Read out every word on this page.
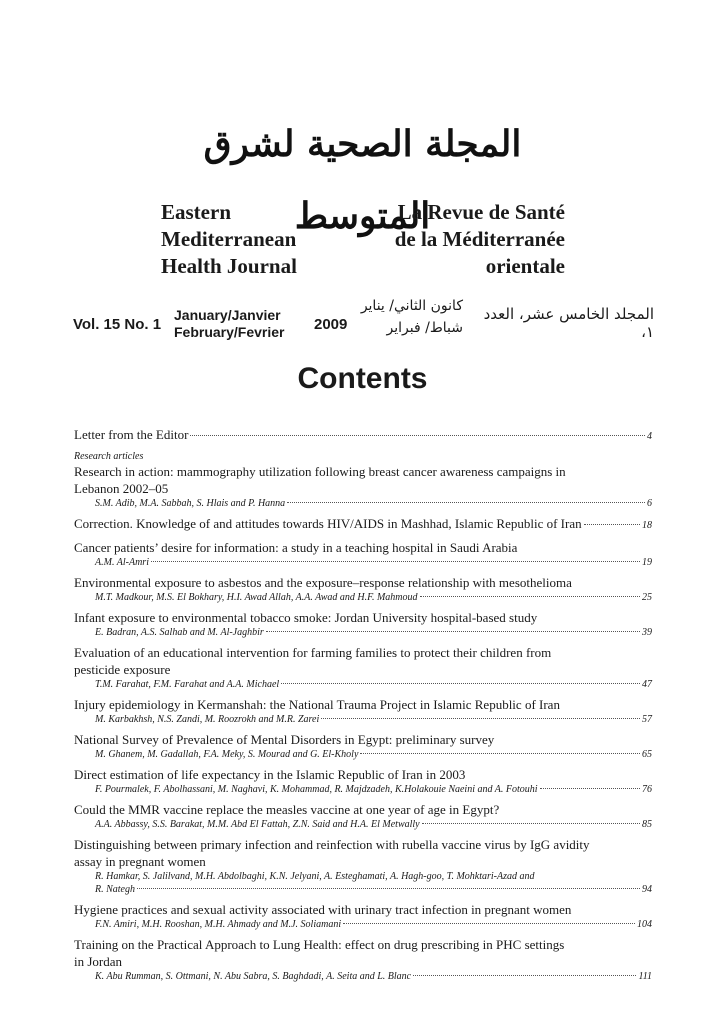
المجلة الصحية لشرق المتوسط
Eastern
Mediterranean
Health Journal
La Revue de Santé
de la Méditerranée
orientale
Vol. 15 No. 1
January/Janvier
February/Fevrier 2009
كانون الثاني/ يناير
شباط/ فبراير
المجلد الخامس عشر، العدد ١،
Contents
Letter from the Editor	4
Research articles
Research in action: mammography utilization following breast cancer awareness campaigns in
Lebanon 2002–05
S.M. Adib, M.A. Sabbah, S. Hlais and P. Hanna	6
Correction. Knowledge of and attitudes towards HIV/AIDS in Mashhad, Islamic Republic of Iran	18
Cancer patients’ desire for information: a study in a teaching hospital in Saudi Arabia
A.M. Al-Amri	19
Environmental exposure to asbestos and the exposure–response relationship with mesothelioma
M.T. Madkour, M.S. El Bokhary, H.I. Awad Allah, A.A. Awad and H.F. Mahmoud	25
Infant exposure to environmental tobacco smoke: Jordan University hospital-based study
E. Badran, A.S. Salhab and M. Al-Jaghbir	39
Evaluation of an educational intervention for farming families to protect their children from
pesticide exposure
T.M. Farahat, F.M. Farahat and A.A. Michael	47
Injury epidemiology in Kermanshah: the National Trauma Project in Islamic Republic of Iran
M. Karbakhsh, N.S. Zandi, M. Roozrokh and M.R. Zarei	57
National Survey of Prevalence of Mental Disorders in Egypt: preliminary survey
M. Ghanem, M. Gadallah, F.A. Meky, S. Mourad and G. El-Kholy	65
Direct estimation of life expectancy in the Islamic Republic of Iran in 2003
F. Pourmalek, F. Abolhassani, M. Naghavi, K. Mohammad, R. Majdzadeh, K.Holakouie Naeini and A. Fotouhi	76
Could the MMR vaccine replace the measles vaccine at one year of age in Egypt?
A.A. Abbassy, S.S. Barakat, M.M. Abd El Fattah, Z.N. Said and H.A. El Metwally	85
Distinguishing between primary infection and reinfection with rubella vaccine virus by IgG avidity
assay in pregnant women
R. Hamkar, S. Jalilvand, M.H. Abdolbaghi, K.N. Jelyani, A. Esteghamati, A. Hagh-goo, T. Mohktari-Azad and
R. Nategh	94
Hygiene practices and sexual activity associated with urinary tract infection in pregnant women
F.N. Amiri, M.H. Rooshan, M.H. Ahmady and M.J. Soliamani	104
Training on the Practical Approach to Lung Health: effect on drug prescribing in PHC settings
in Jordan
K. Abu Rumman, S. Ottmani, N. Abu Sabra, S. Baghdadi, A. Seita and L. Blanc	111
